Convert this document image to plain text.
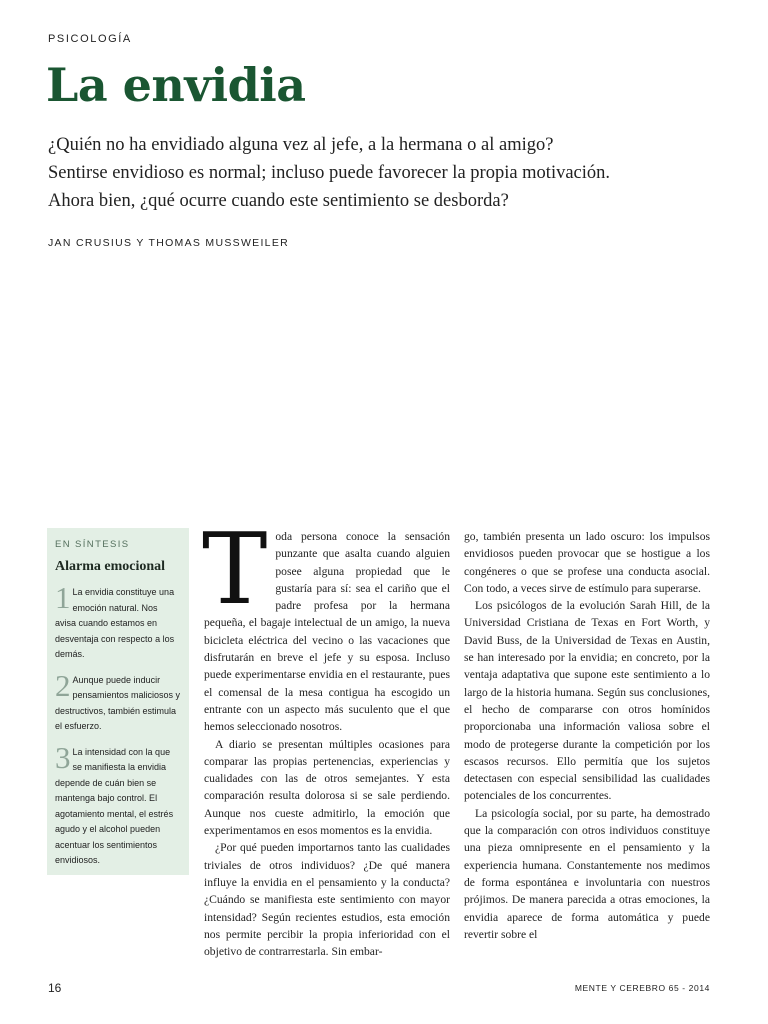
PSICOLOGÍA
La envidia
¿Quién no ha envidiado alguna vez al jefe, a la hermana o al amigo?
Sentirse envidioso es normal; incluso puede favorecer la propia motivación.
Ahora bien, ¿qué ocurre cuando este sentimiento se desborda?
JAN CRUSIUS Y THOMAS MUSSWEILER
EN SÍNTESIS
Alarma emocional
1 La envidia constituye una emoción natural. Nos avisa cuando estamos en desventaja con respecto a los demás.
2 Aunque puede inducir pensamientos maliciosos y destructivos, también estimula el esfuerzo.
3 La intensidad con la que se manifiesta la envidia depende de cuán bien se mantenga bajo control. El agotamiento mental, el estrés agudo y el alcohol pueden acentuar los sentimientos envidiosos.

Toda persona conoce la sensación punzante que asalta cuando alguien posee alguna propiedad que le gustaría para sí: sea el cariño que el padre profesa por la hermana pequeña, el bagaje intelectual de un amigo, la nueva bicicleta eléctrica del vecino o las vacaciones que disfrutarán en breve el jefe y su esposa. Incluso puede experimentarse envidia en el restaurante, pues el comensal de la mesa contigua ha escogido un entrante con un aspecto más suculento que el que hemos seleccionado nosotros.

A diario se presentan múltiples ocasiones para comparar las propias pertenencias, experiencias y cualidades con las de otros semejantes. Y esta comparación resulta dolorosa si se sale perdiendo. Aunque nos cueste admitirlo, la emoción que experimentamos en esos momentos es la envidia.

¿Por qué pueden importarnos tanto las cualidades triviales de otros individuos? ¿De qué manera influye la envidia en el pensamiento y la conducta? ¿Cuándo se manifiesta este sentimiento con mayor intensidad? Según recientes estudios, esta emoción nos permite percibir la propia inferioridad con el objetivo de contrarrestarla. Sin embar-

go, también presenta un lado oscuro: los impulsos envidiosos pueden provocar que se hostigue a los congéneres o que se profese una conducta asocial. Con todo, a veces sirve de estímulo para superarse.

Los psicólogos de la evolución Sarah Hill, de la Universidad Cristiana de Texas en Fort Worth, y David Buss, de la Universidad de Texas en Austin, se han interesado por la envidia; en concreto, por la ventaja adaptativa que supone este sentimiento a lo largo de la historia humana. Según sus conclusiones, el hecho de compararse con otros homínidos proporcionaba una información valiosa sobre el modo de protegerse durante la competición por los escasos recursos. Ello permitía que los sujetos detectasen con especial sensibilidad las cualidades potenciales de los concurrentes.

La psicología social, por su parte, ha demostrado que la comparación con otros individuos constituye una pieza omnipresente en el pensamiento y la experiencia humana. Constantemente nos medimos de forma espontánea e involuntaria con nuestros prójimos. De manera parecida a otras emociones, la envidia aparece de forma automática y puede revertir sobre el

16	MENTE Y CEREBRO 65 - 2014
